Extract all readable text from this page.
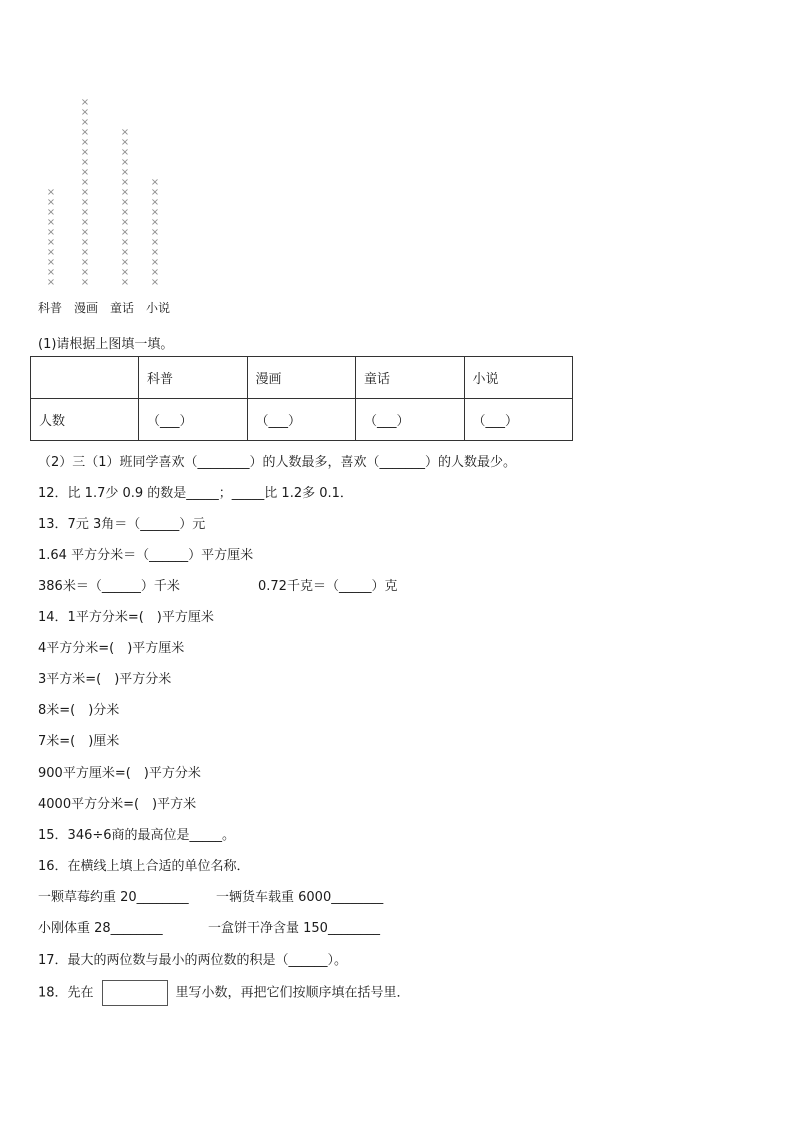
×
×
×
×
×
×
×
×
×
×
×
×
×
×
×
×
×
×
×
×
×
×
×
×
×
×
×
×
×
×
×
×
×
×
×
×
×
×
×
×
×
×
×
×
×
×
×
×
×
×
×
×
×
×
×
×
科普 漫画 童话 小说
(1)请根据上图填一填。
	科普	漫画	童话	小说
人数	（___）	（___）	（___）	（___）
（2）三（1）班同学喜欢（________）的人数最多，喜欢（_______）的人数最少。
12．比 1.7少 0.9 的数是_____；_____比 1.2多 0.1．
13．7元 3角＝（______）元
1.64 平方分米＝（______）平方厘米
386米＝（______）千米	0.72千克＝（_____）克
14．1平方分米=(　)平方厘米
4平方分米=(　)平方厘米
3平方米=(　)平方分米
8米=(　)分米
7米=(　)厘米
900平方厘米=(　)平方分米
4000平方分米=(　)平方米
15．346÷6商的最高位是_____。
16．在横线上填上合适的单位名称．
一颗草莓约重 20________ 一辆货车载重 6000________
小刚体重 28________	一盒饼干净含量 150________
17．最大的两位数与最小的两位数的积是（______）。
18．先在	里写小数，再把它们按顺序填在括号里．
